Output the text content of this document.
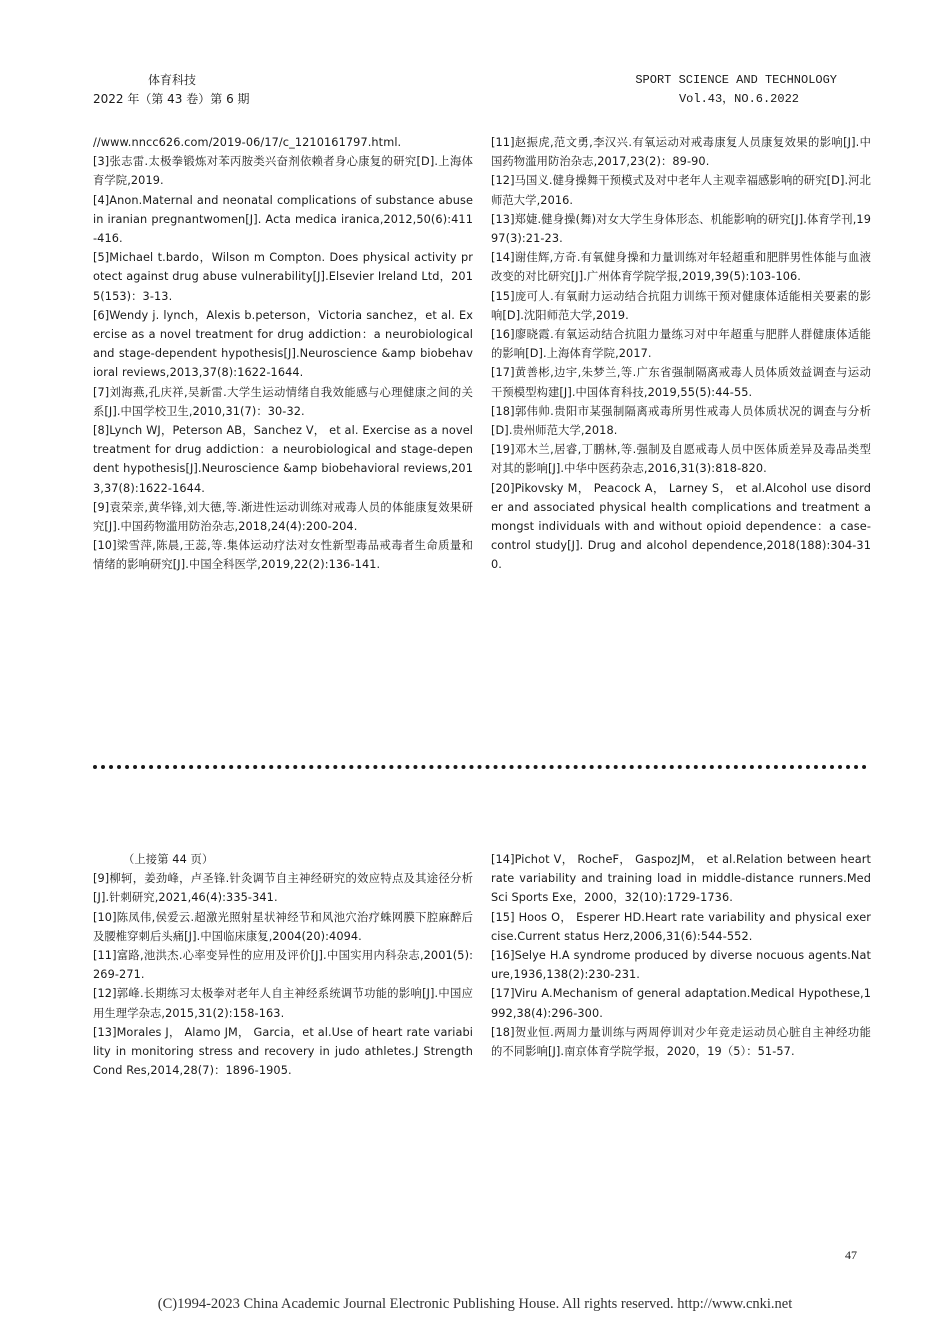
体育科技
2022 年（第 43 卷）第 6 期
SPORT SCIENCE AND TECHNOLOGY
Vol.43，NO.6.2022
//www.nncc626.com/2019-06/17/c_1210161797.html.
[3]张志雷.太极拳锻炼对苯丙胺类兴奋剂依赖者身心康复的研究[D].上海体育学院,2019.
[4]Anon.Maternal and neonatal complications of substance abuse in iranian pregnantwomen[J]. Acta medica iranica,2012,50(6):411-416.
[5]Michael t.bardo，Wilson m Compton. Does physical activity protect against drug abuse vulnerability[J].Elsevier Ireland Ltd，2015(153)：3-13.
[6]Wendy j. lynch，Alexis b.peterson，Victoria sanchez，et al. Exercise as a novel treatment for drug addiction：a neurobiological and stage-dependent hypothesis[J].Neuroscience &amp biobehavioral reviews,2013,37(8):1622-1644.
[7]刘海燕,孔庆祥,吴新雷.大学生运动情绪自我效能感与心理健康之间的关系[J].中国学校卫生,2010,31(7)：30-32.
[8]Lynch WJ，Peterson AB，Sanchez V， et al. Exercise as a novel treatment for drug addiction：a neurobiological and stage-dependent hypothesis[J].Neuroscience &amp biobehavioral reviews,2013,37(8):1622-1644.
[9]袁荣亲,黄华锋,刘大德,等.渐进性运动训练对戒毒人员的体能康复效果研究[J].中国药物滥用防治杂志,2018,24(4):200-204.
[10]梁雪萍,陈晨,王蕊,等.集体运动疗法对女性新型毒品戒毒者生命质量和情绪的影响研究[J].中国全科医学,2019,22(2):136-141.
[11]赵振虎,范文勇,李汉兴.有氧运动对戒毒康复人员康复效果的影响[J].中国药物滥用防治杂志,2017,23(2)：89-90.
[12]马国义.健身操舞干预模式及对中老年人主观幸福感影响的研究[D].河北师范大学,2016.
[13]郑婕.健身操(舞)对女大学生身体形态、机能影响的研究[J].体育学刊,1997(3):21-23.
[14]谢佳辉,方奇.有氧健身操和力量训练对年轻超重和肥胖男性体能与血液改变的对比研究[J].广州体育学院学报,2019,39(5):103-106.
[15]庞可人.有氧耐力运动结合抗阻力训练干预对健康体适能相关要素的影响[D].沈阳师范大学,2019.
[16]廖晓霞.有氧运动结合抗阻力量练习对中年超重与肥胖人群健康体适能的影响[D].上海体育学院,2017.
[17]黄善彬,边宇,朱梦兰,等.广东省强制隔离戒毒人员体质效益调查与运动干预模型构建[J].中国体育科技,2019,55(5):44-55.
[18]郭伟帅.贵阳市某强制隔离戒毒所男性戒毒人员体质状况的调查与分析[D].贵州师范大学,2018.
[19]邓木兰,居睿,丁鹏林,等.强制及自愿戒毒人员中医体质差异及毒品类型对其的影响[J].中华中医药杂志,2016,31(3):818-820.
[20]Pikovsky M， Peacock A， Larney S， et al.Alcohol use disorder and associated physical health complications and treatment amongst individuals with and without opioid dependence：a case-control study[J]. Drug and alcohol dependence,2018(188):304-310.
（上接第 44 页）
[9]柳轲，姜劲峰，卢圣锋.针灸调节自主神经研究的效应特点及其途径分析[J].针刺研究,2021,46(4):335-341.
[10]陈凤伟,侯爱云.超激光照射星状神经节和风池穴治疗蛛网膜下腔麻醉后及腰椎穿刺后头痛[J].中国临床康复,2004(20):4094.
[11]富路,池洪杰.心率变异性的应用及评价[J].中国实用内科杂志,2001(5):269-271.
[12]郭峰.长期练习太极拳对老年人自主神经系统调节功能的影响[J].中国应用生理学杂志,2015,31(2):158-163.
[13]Morales J， Alamo JM， Garcia，et al.Use of heart rate variability in monitoring stress and recovery in judo athletes.J Strength Cond Res,2014,28(7)：1896-1905.
[14]Pichot V， RocheF， GaspozJM， et al.Relation between heart rate variability and training load in middle-distance runners.Med Sci Sports Exe，2000，32(10):1729-1736.
[15] Hoos O， Esperer HD.Heart rate variability and physical exercise.Current status Herz,2006,31(6):544-552.
[16]Selye H.A syndrome produced by diverse nocuous agents.Nature,1936,138(2):230-231.
[17]Viru A.Mechanism of general adaptation.Medical Hypothese,1992,38(4):296-300.
[18]贺业恒.两周力量训练与两周停训对少年竞走运动员心脏自主神经功能的不同影响[J].南京体育学院学报，2020，19（5）：51-57.
47
(C)1994-2023 China Academic Journal Electronic Publishing House. All rights reserved. http://www.cnki.net
